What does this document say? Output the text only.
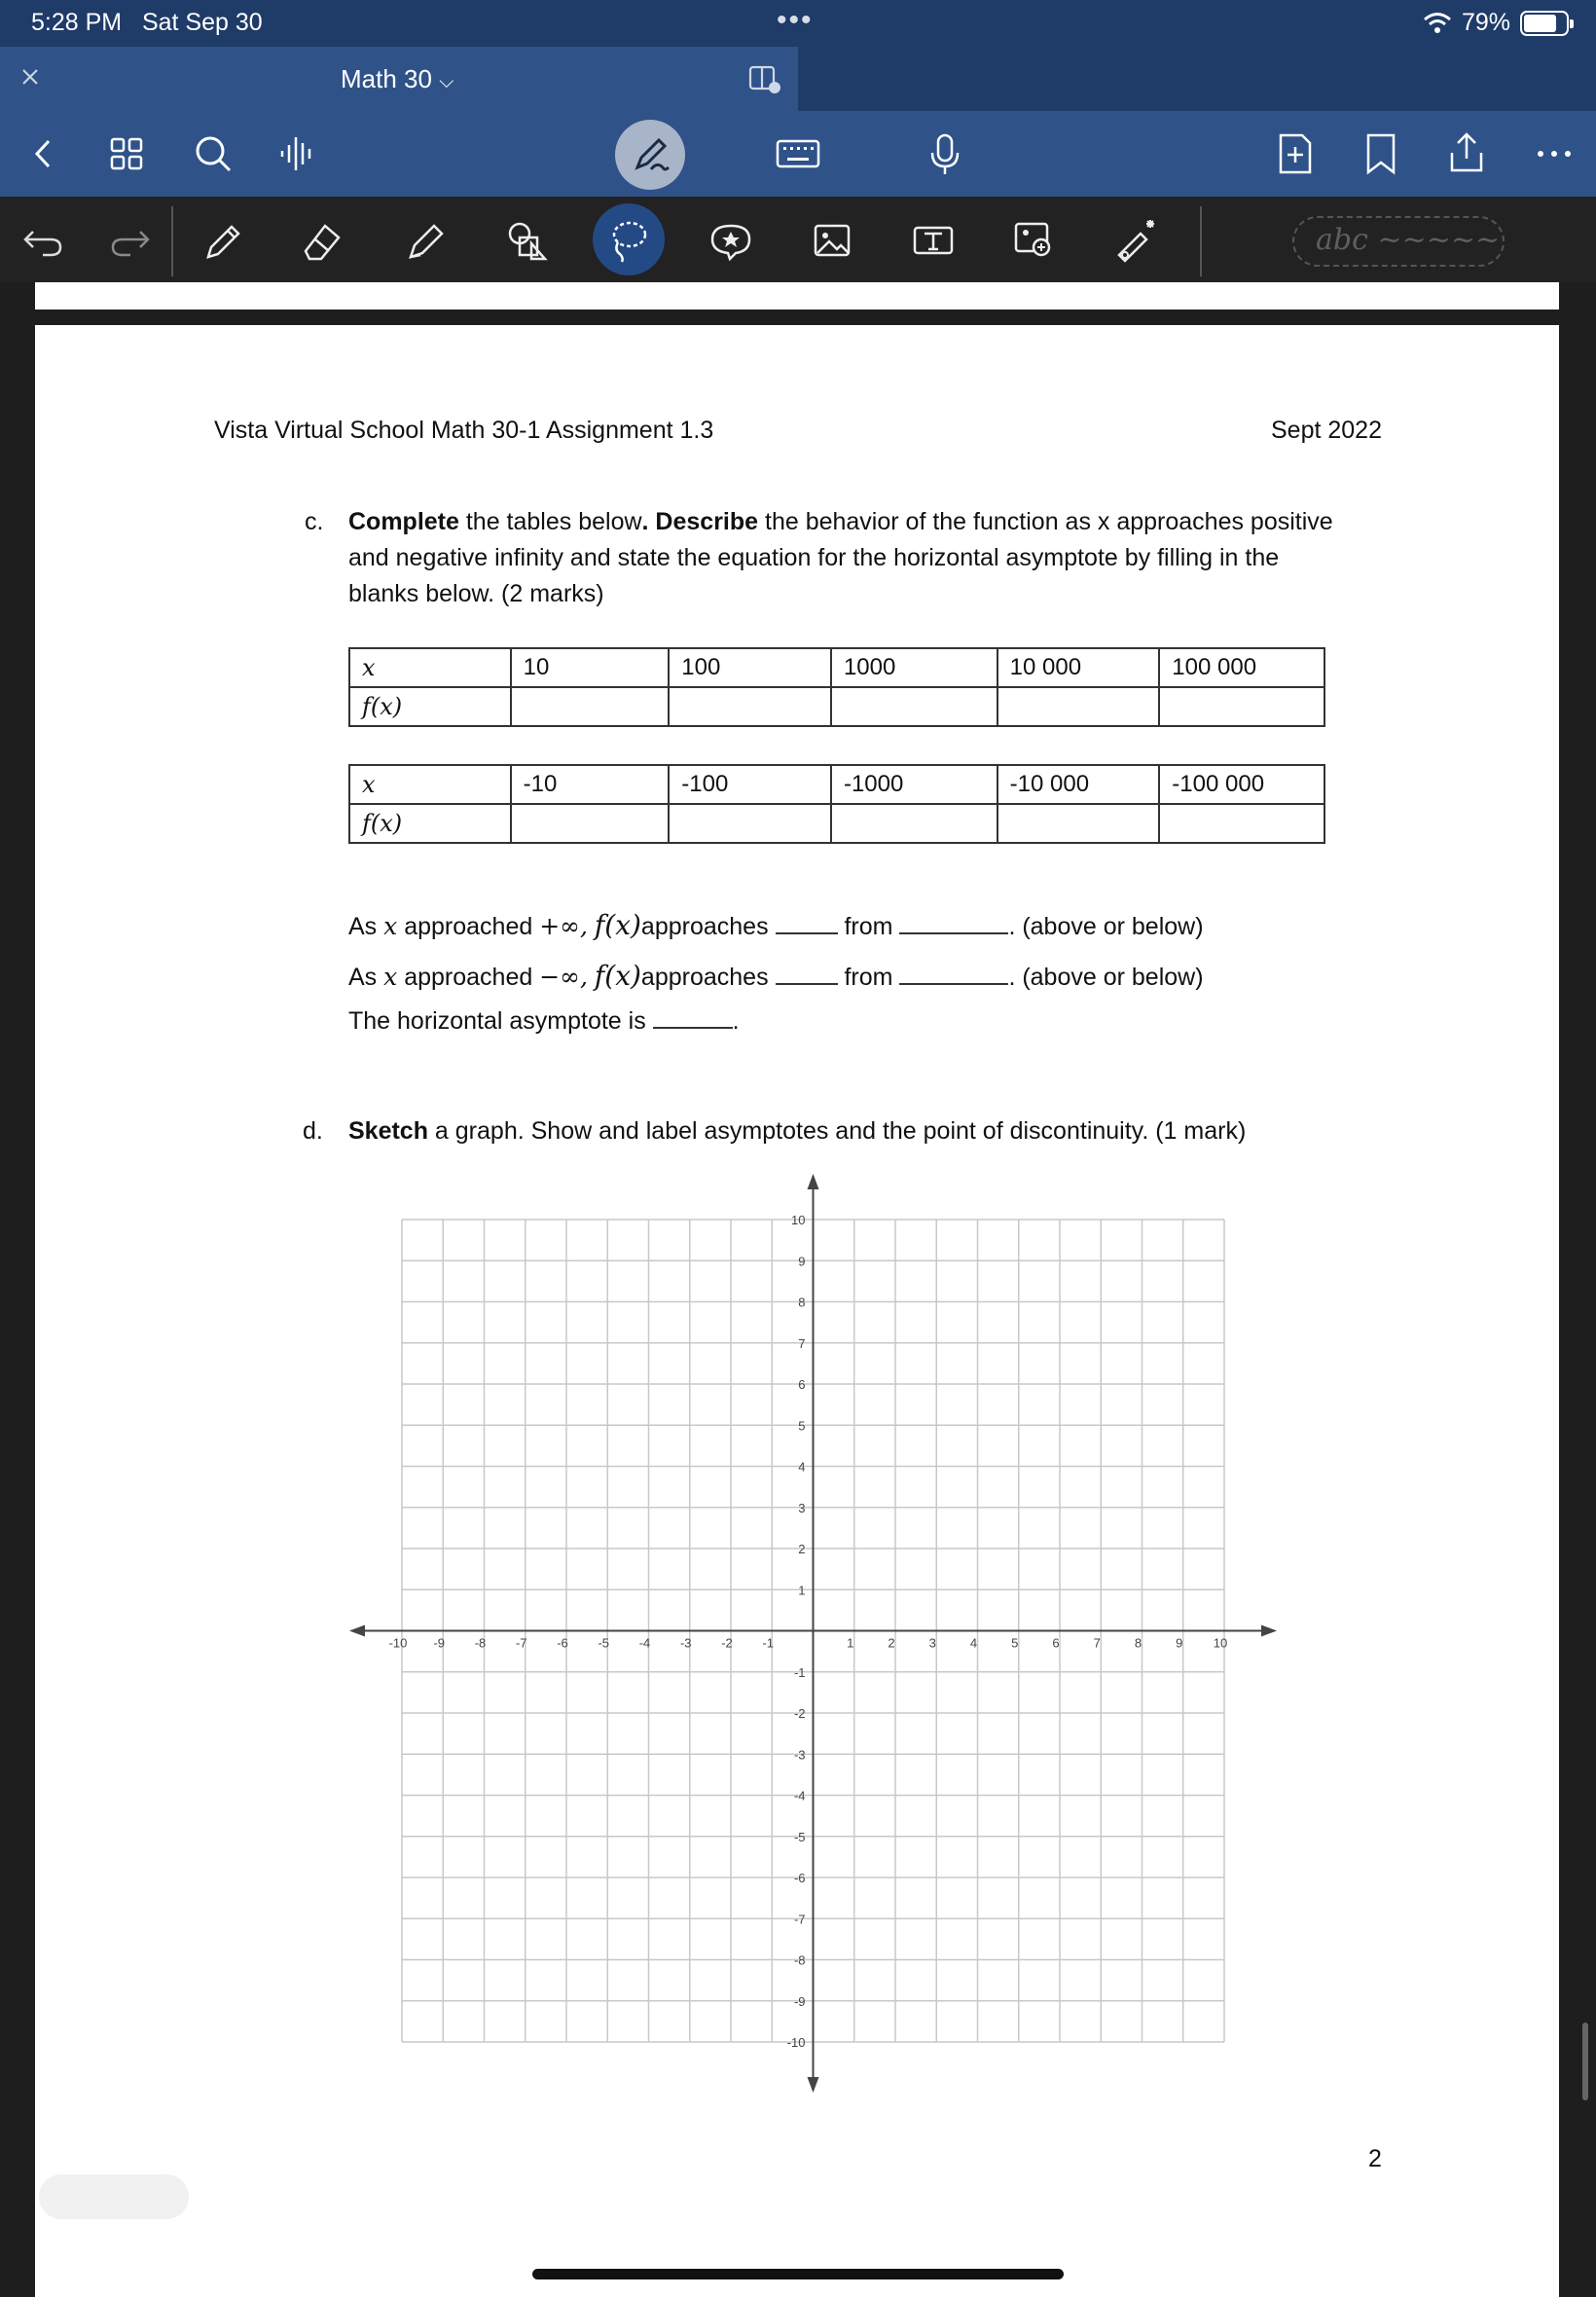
5:28 PM Sat Sep 30	•••	79%
Math 30 ⌵
abc ~~~~~
Vista Virtual School Math 30-1 Assignment 1.3	Sept 2022
c. Complete the tables below. Describe the behavior of the function as x approaches positive
and negative infinity and state the equation for the horizontal asymptote by filling in the
blanks below. (2 marks)
x	10	100	1000	10 000	100 000
f(x)					
x	-10	-100	-1000	-10 000	-100 000
f(x)					
As x approached +∞, f(x)approaches	from	. (above or below)
As x approached −∞, f(x)approaches	from	. (above or below)
The horizontal asymptote is	.
d. Sketch a graph. Show and label asymptotes and the point of discontinuity. (1 mark)
-10 -9 -8 -7 -6 -5 -4 -3 -2 -1	1	2	3	4	5	6	7	8	9 10
10
9
8
7
6
5
4
3
2
1
-1
-2
-3
-4
-5
-6
-7
-8
-9
-10
2
